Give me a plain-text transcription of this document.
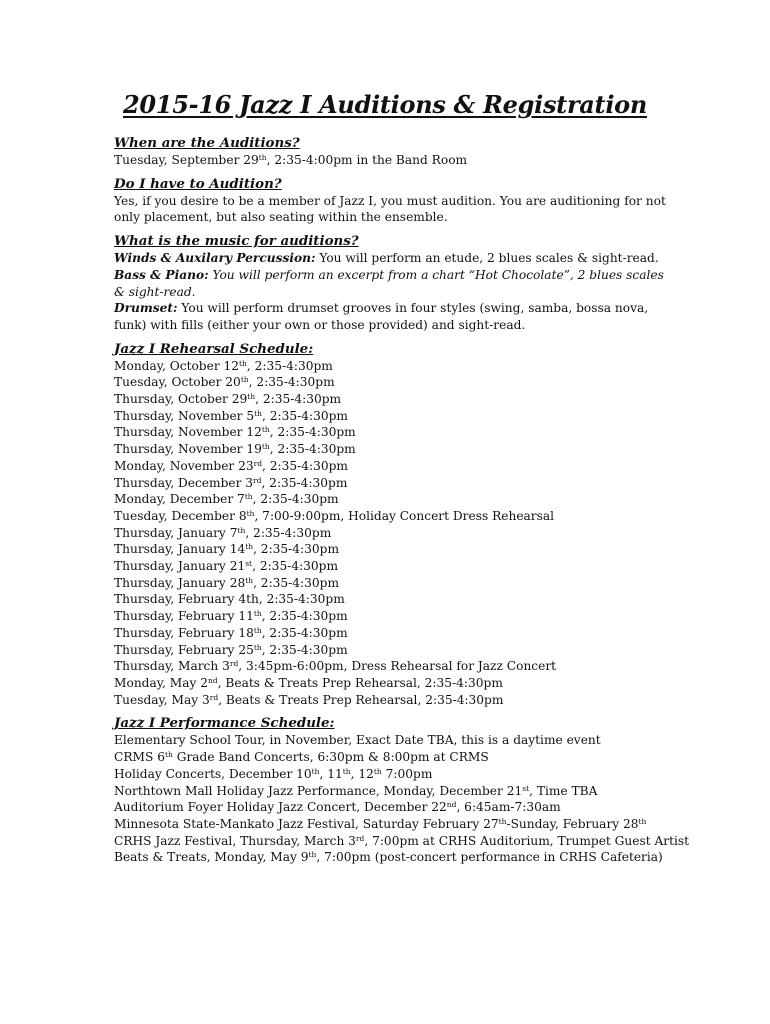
2015-16 Jazz I Auditions & Registration

When are the Auditions?

Tuesday, September 29th, 2:35-4:00pm in the Band Room

Do I have to Audition?

Yes, if you desire to be a member of Jazz I, you must audition. You are auditioning for not only placement, but also seating within the ensemble.

What is the music for auditions?

Winds & Auxilary Percussion: You will perform an etude, 2 blues scales & sight-read.

Bass & Piano: You will perform an excerpt from a chart “Hot Chocolate”, 2 blues scales & sight-read.

Drumset: You will perform drumset grooves in four styles (swing, samba, bossa nova, funk) with fills (either your own or those provided) and sight-read.

Jazz I Rehearsal Schedule:

Monday, October 12th, 2:35-4:30pm

Tuesday, October 20th, 2:35-4:30pm

Thursday, October 29th, 2:35-4:30pm

Thursday, November 5th, 2:35-4:30pm

Thursday, November 12th, 2:35-4:30pm

Thursday, November 19th, 2:35-4:30pm

Monday, November 23rd, 2:35-4:30pm

Thursday, December 3rd, 2:35-4:30pm

Monday, December 7th, 2:35-4:30pm

Tuesday, December 8th, 7:00-9:00pm, Holiday Concert Dress Rehearsal

Thursday, January 7th, 2:35-4:30pm

Thursday, January 14th, 2:35-4:30pm

Thursday, January 21st, 2:35-4:30pm

Thursday, January 28th, 2:35-4:30pm

Thursday, February 4th, 2:35-4:30pm

Thursday, February 11th, 2:35-4:30pm

Thursday, February 18th, 2:35-4:30pm

Thursday, February 25th, 2:35-4:30pm

Thursday, March 3rd, 3:45pm-6:00pm, Dress Rehearsal for Jazz Concert

Monday, May 2nd, Beats & Treats Prep Rehearsal, 2:35-4:30pm

Tuesday, May 3rd, Beats & Treats Prep Rehearsal, 2:35-4:30pm

Jazz I Performance Schedule:

Elementary School Tour, in November, Exact Date TBA, this is a daytime event

CRMS 6th Grade Band Concerts, 6:30pm & 8:00pm at CRMS

Holiday Concerts, December 10th, 11th, 12th 7:00pm

Northtown Mall Holiday Jazz Performance, Monday, December 21st, Time TBA

Auditorium Foyer Holiday Jazz Concert, December 22nd, 6:45am-7:30am

Minnesota State-Mankato Jazz Festival, Saturday February 27th-Sunday, February 28th

CRHS Jazz Festival, Thursday, March 3rd, 7:00pm at CRHS Auditorium, Trumpet Guest Artist

Beats & Treats, Monday, May 9th, 7:00pm (post-concert performance in CRHS Cafeteria)
